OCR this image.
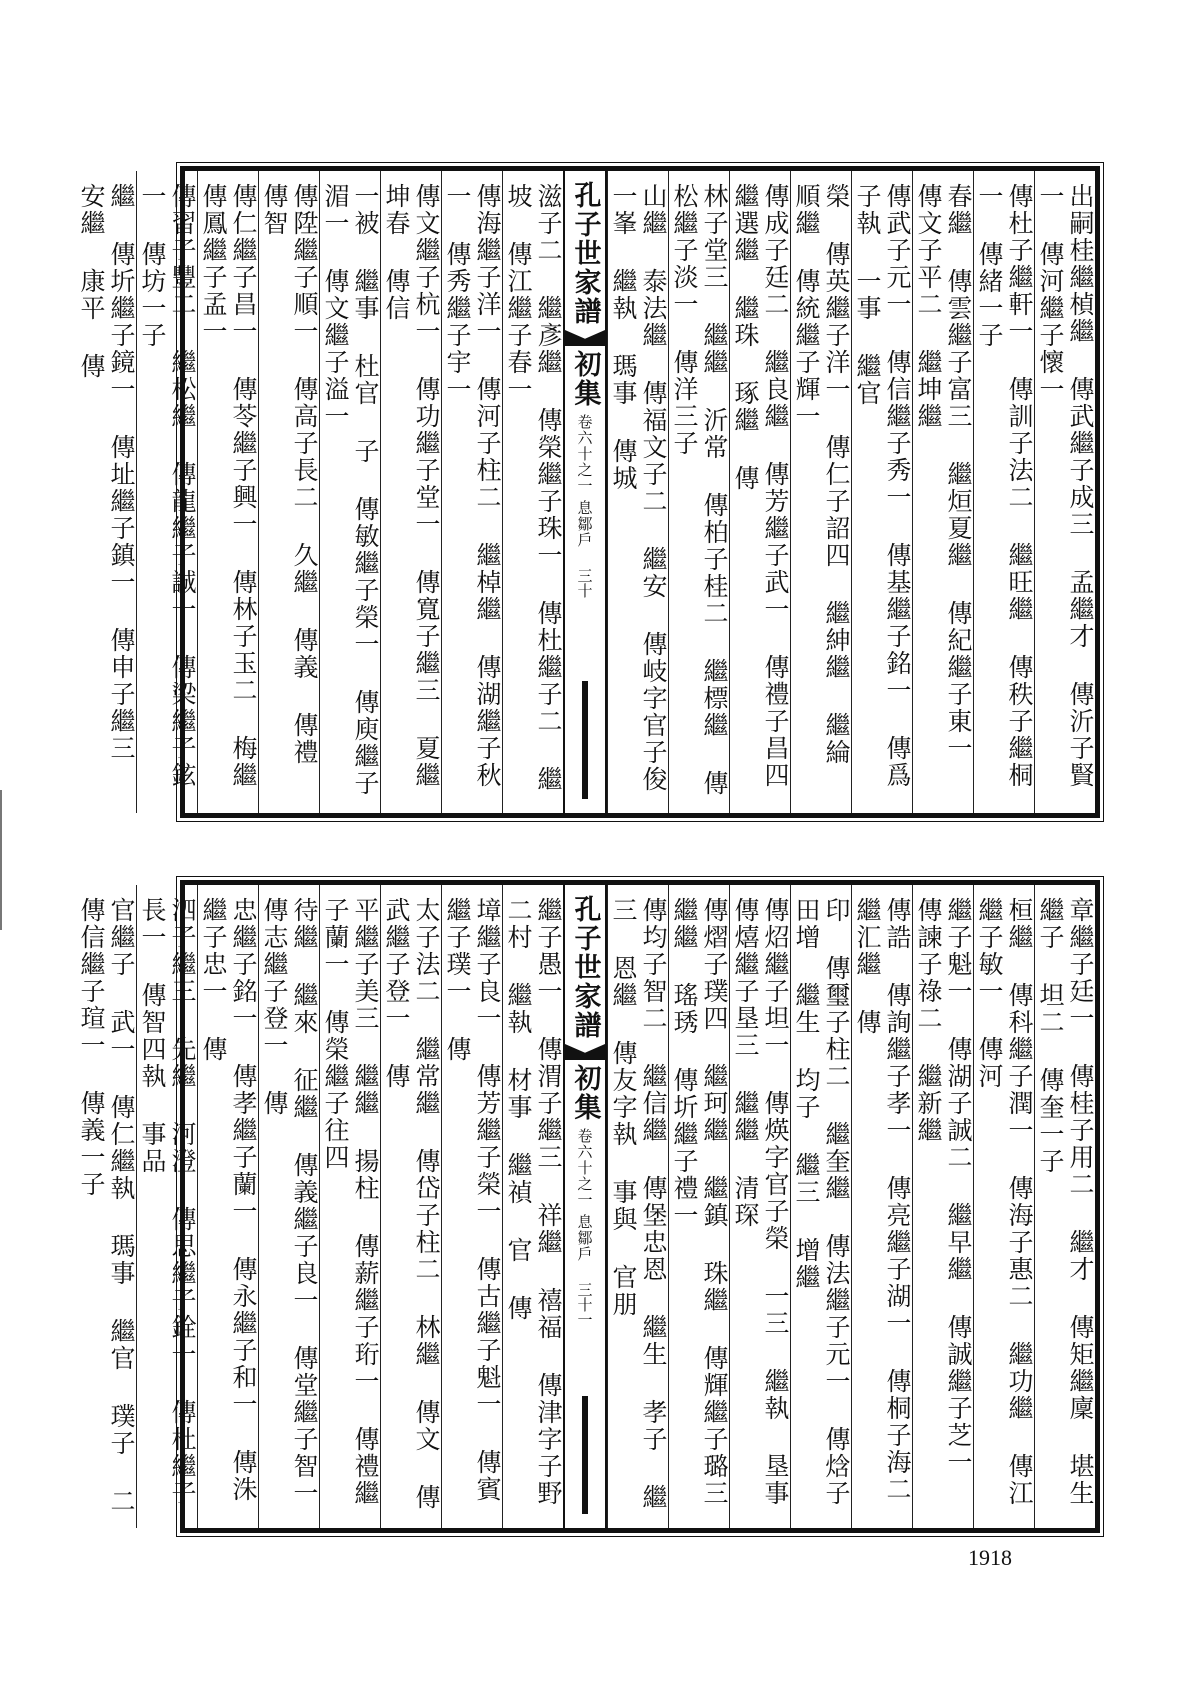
出嗣桂繼楨繼 傳武繼子成三 孟繼才 傳沂子賢一 傳河繼子懷一
傳杜子繼軒一 傳訓子法二 繼旺繼 傳秩子繼桐一 傳緒一子
春繼 傳雲繼子富三 繼烜夏繼 傳紀繼子東一 傳文子平二 繼坤繼
傳武子元一 傳信繼子秀一 傳基繼子銘一 傳爲子執 一事 繼官
榮 傳英繼子洋一 傳仁子詔四 繼紳繼 繼綸 順繼 傳統繼子輝一
傳成子廷二 繼良繼 傳芳繼子武一 傳禮子昌四 繼選繼 繼珠 琢繼 傳
林子堂三 繼繼 沂常 傳柏子桂二 繼標繼 傳松繼子淡一 傳洋三子
山繼 泰法繼 傳福文子二 繼安 傳岐字官子俊 一峯 繼執 瑪事 傳城
孔子世家譜
初集
卷六十之一
息鄒戶
三十
滋子二 繼彥繼 傳榮繼子珠一 傳杜繼子二 繼坡 傳江繼子春一
傳海繼子洋一 傳河子柱二 繼棹繼 傳湖繼子秋一 傳秀繼子宇一
傳文繼子杭一 傳功繼子堂一 傳寬子繼三 夏繼 坤春 傳信
一被 繼事 杜官 子 傳敏繼子榮一 傳庾繼子湄一 傳文繼子溢一
傳陞繼子順一 傳高子長二 久繼 傳義 傳禮 傳智
傳仁繼子昌一 傳苓繼子興一 傳林子玉二 梅繼 傳鳳繼子孟一
傳習子豐二 繼松繼 傳龍繼子誠一 傳梁繼子鉉一 傳坊一子
繼 傳圻繼子鏡一 傳址繼子鎮一 傳申子繼三 安繼 康平 傳
章繼子廷一 傳桂子用二 繼才 傳矩繼廩 堪生 繼子 坦二 傳奎一子
桓繼 傳科繼子潤一 傳海子惠二 繼功繼 傳江繼子敏一 傳河
繼子魁一 傳湖子誠二 繼早繼 傳誠繼子芝一 傳諫子祿二 繼新繼
傳誥 傳詢繼子孝一 傳亮繼子湖一 傳桐子海二 繼汇繼 傳
印 傳璽子柱二 繼奎繼 傳法繼子元一 傳焓子田增 繼生 均子 繼三 增繼
傳炤繼子坦一 傳煐字官子榮 一三 繼執 垦事 傳熺繼子垦三 繼繼 清琛
傳熠子璞四 繼珂繼 繼鎮 珠繼 傳輝繼子璐三 繼繼 瑤琇 傳圻繼子禮一
傳均子智二 繼信繼 傳堡忠恩 繼生 孝子 繼三 恩繼 傳友字執 事與 官朋
孔子世家譜
初集
卷六十之一
息鄒戶
三十一
繼子愚一 傳渭子繼三 祥繼 禧福 傳津字子野 二村 繼執 材事 繼禎 官 傳
墇繼子良一 傳芳繼子榮一 傳古繼子魁一 傳賓繼子璞一 傳
太子法二 繼常繼 傳岱子柱二 林繼 傳文 傳武繼子登一 傳
平繼子美三 繼繼 揚柱 傳薪繼子珩一 傳禮繼子蘭一 傳榮繼子往四
待繼 繼來 征繼 傳義繼子良一 傳堂繼子智一 傳志繼子登一 傳
忠繼子銘一 傳孝繼子蘭一 傳永繼子和一 傳洙繼子忠一 傳
泗子繼三 先繼 河澄 傳思繼子銓一 傳杜繼子長一 傳智四執 事品
官繼子 武一 傳仁繼執 瑪事 繼官 璞子 二 傳信繼子瑄一 傳義一子
1918
